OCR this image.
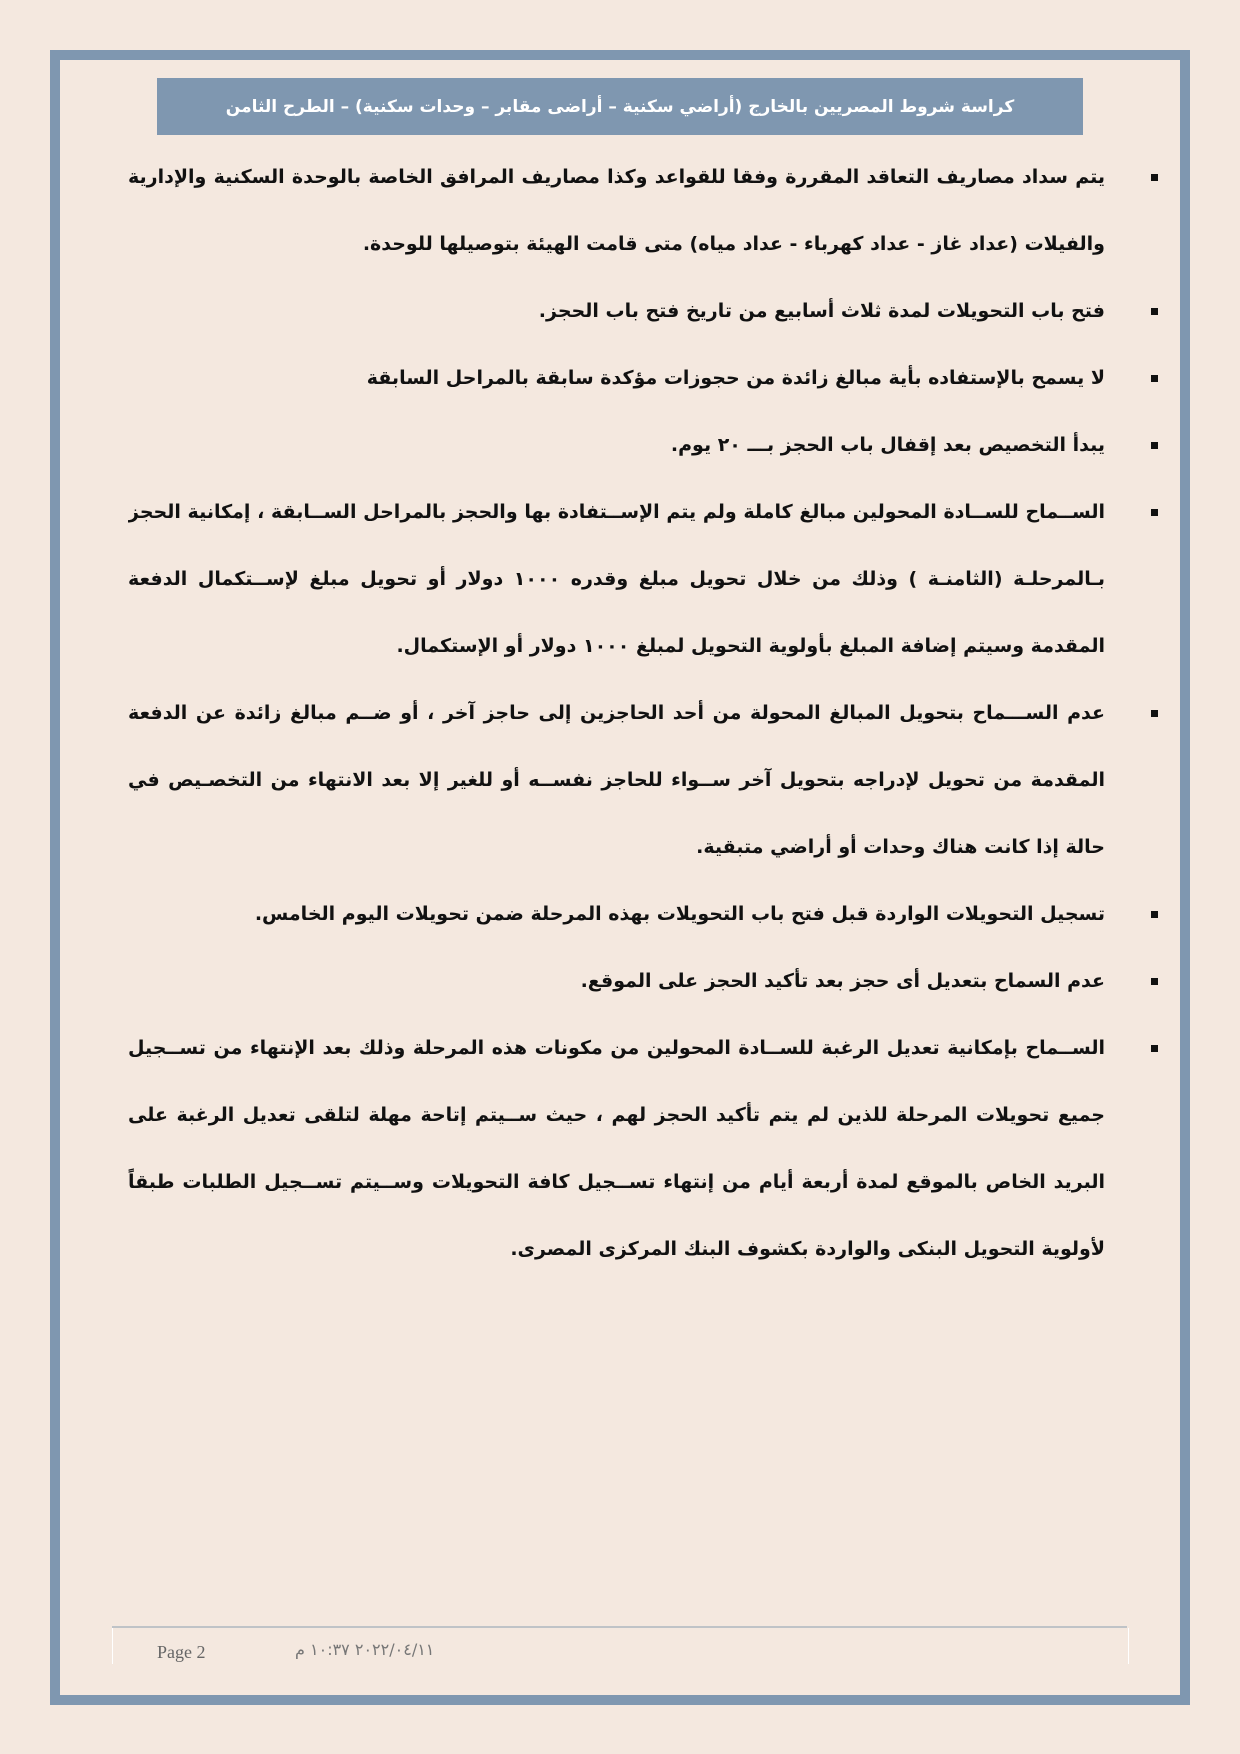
كراسة شروط المصريين بالخارج (أراضي سكنية – أراضى مقابر – وحدات سكنية) – الطرح الثامن
يتم سداد مصاريف التعاقد المقررة وفقا للقواعد وكذا مصاريف المرافق الخاصة بالوحدة السكنية والإدارية
والفيلات (عداد غاز - عداد كهرباء - عداد مياه) متى قامت الهيئة بتوصيلها للوحدة.
فتح باب التحويلات لمدة ثلاث أسابيع من تاريخ فتح باب الحجز.
لا يسمح بالإستفاده بأية مبالغ زائدة من حجوزات مؤكدة سابقة بالمراحل السابقة
يبدأ التخصيص بعد إقفال باب الحجز بـــ ٢٠ يوم.
الســماح للســادة المحولين مبالغ كاملة ولم يتم الإســتفادة بها والحجز بالمراحل الســابقة ، إمكانية الحجز
بـالمرحلـة (الثامنـة ) وذلك من خلال تحويل مبلغ وقدره ١٠٠٠ دولار أو تحويل مبلغ لإســتكمال الدفعة
المقدمة وسيتم إضافة المبلغ بأولوية التحويل لمبلغ ١٠٠٠ دولار أو الإستكمال.
عدم الســـماح بتحويل المبالغ المحولة من أحد الحاجزين إلى حاجز آخر ، أو ضــم مبالغ زائدة عن الدفعة
المقدمة من تحويل لإدراجه بتحويل آخر ســواء للحاجز نفســه أو للغير إلا بعد الانتهاء من التخصـيص في
حالة إذا كانت هناك وحدات أو أراضي متبقية.
تسجيل التحويلات الواردة قبل فتح باب التحويلات بهذه المرحلة ضمن تحويلات اليوم الخامس.
عدم السماح بتعديل أى حجز بعد تأكيد الحجز على الموقع.
الســماح بإمكانية تعديل الرغبة للســادة المحولين من مكونات هذه المرحلة وذلك بعد الإنتهاء من تســجيل
جميع تحويلات المرحلة للذين لم يتم تأكيد الحجز لهم ، حيث ســيتم إتاحة مهلة لتلقى تعديل الرغبة على
البريد الخاص بالموقع لمدة أربعة أيام من إنتهاء تســجيل كافة التحويلات وســيتم تســجيل الطلبات طبقاً
لأولوية التحويل البنكى والواردة بكشوف البنك المركزى المصرى.
Page 2	٢٠٢٢/٠٤/١١ ١٠:٣٧ م
